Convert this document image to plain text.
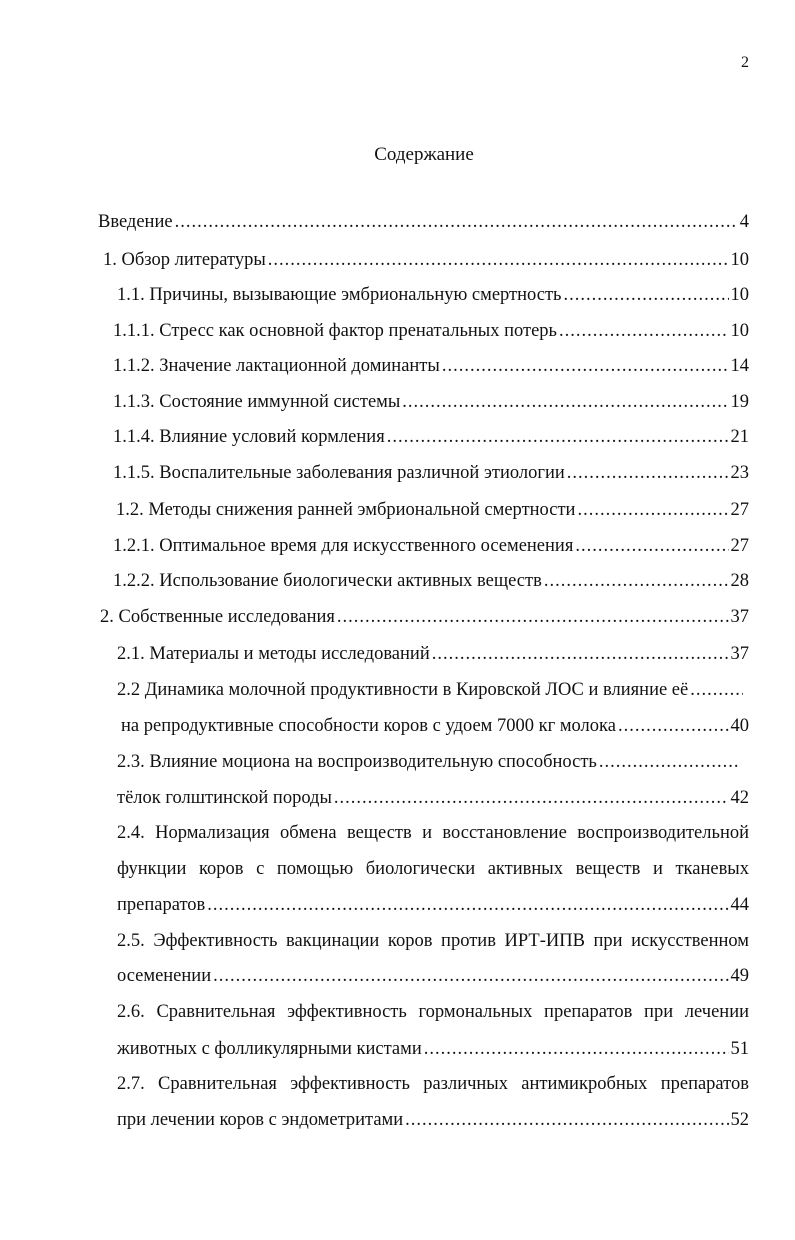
2
Содержание
Введение .....	4
1. Обзор литературы .....	10
1.1. Причины, вызывающие эмбриональную смертность .....	10
1.1.1. Стресс как основной фактор пренатальных потерь .....	10
1.1.2. Значение лактационной доминанты .....	14
1.1.3. Состояние иммунной системы .....	19
1.1.4. Влияние условий кормления .....	21
1.1.5. Воспалительные заболевания различной этиологии .....	23
1.2. Методы снижения ранней эмбриональной смертности .....	27
1.2.1. Оптимальное время для искусственного осеменения .....	27
1.2.2. Использование биологически активных веществ .....	28
2. Собственные исследования .....	37
2.1. Материалы и методы исследований .....	37
2.2 Динамика молочной продуктивности в Кировской ЛОС и влияние её
.....
на репродуктивные способности коров с удоем 7000 кг молока .....	40
2.3. Влияние моциона на воспроизводительную способность
.....
тёлок голштинской породы .....	42
2.4. Нормализация обмена веществ и восстановление воспроизводительной
функции коров с помощью биологически активных веществ и тканевых
препаратов .....	44
2.5. Эффективность вакцинации коров против ИРТ-ИПВ при искусственном
осеменении .....	49
2.6. Сравнительная эффективность гормональных препаратов при лечении
животных с фолликулярными кистами .....	51
2.7. Сравнительная эффективность различных антимикробных препаратов
при лечении коров с эндометритами .....	52
